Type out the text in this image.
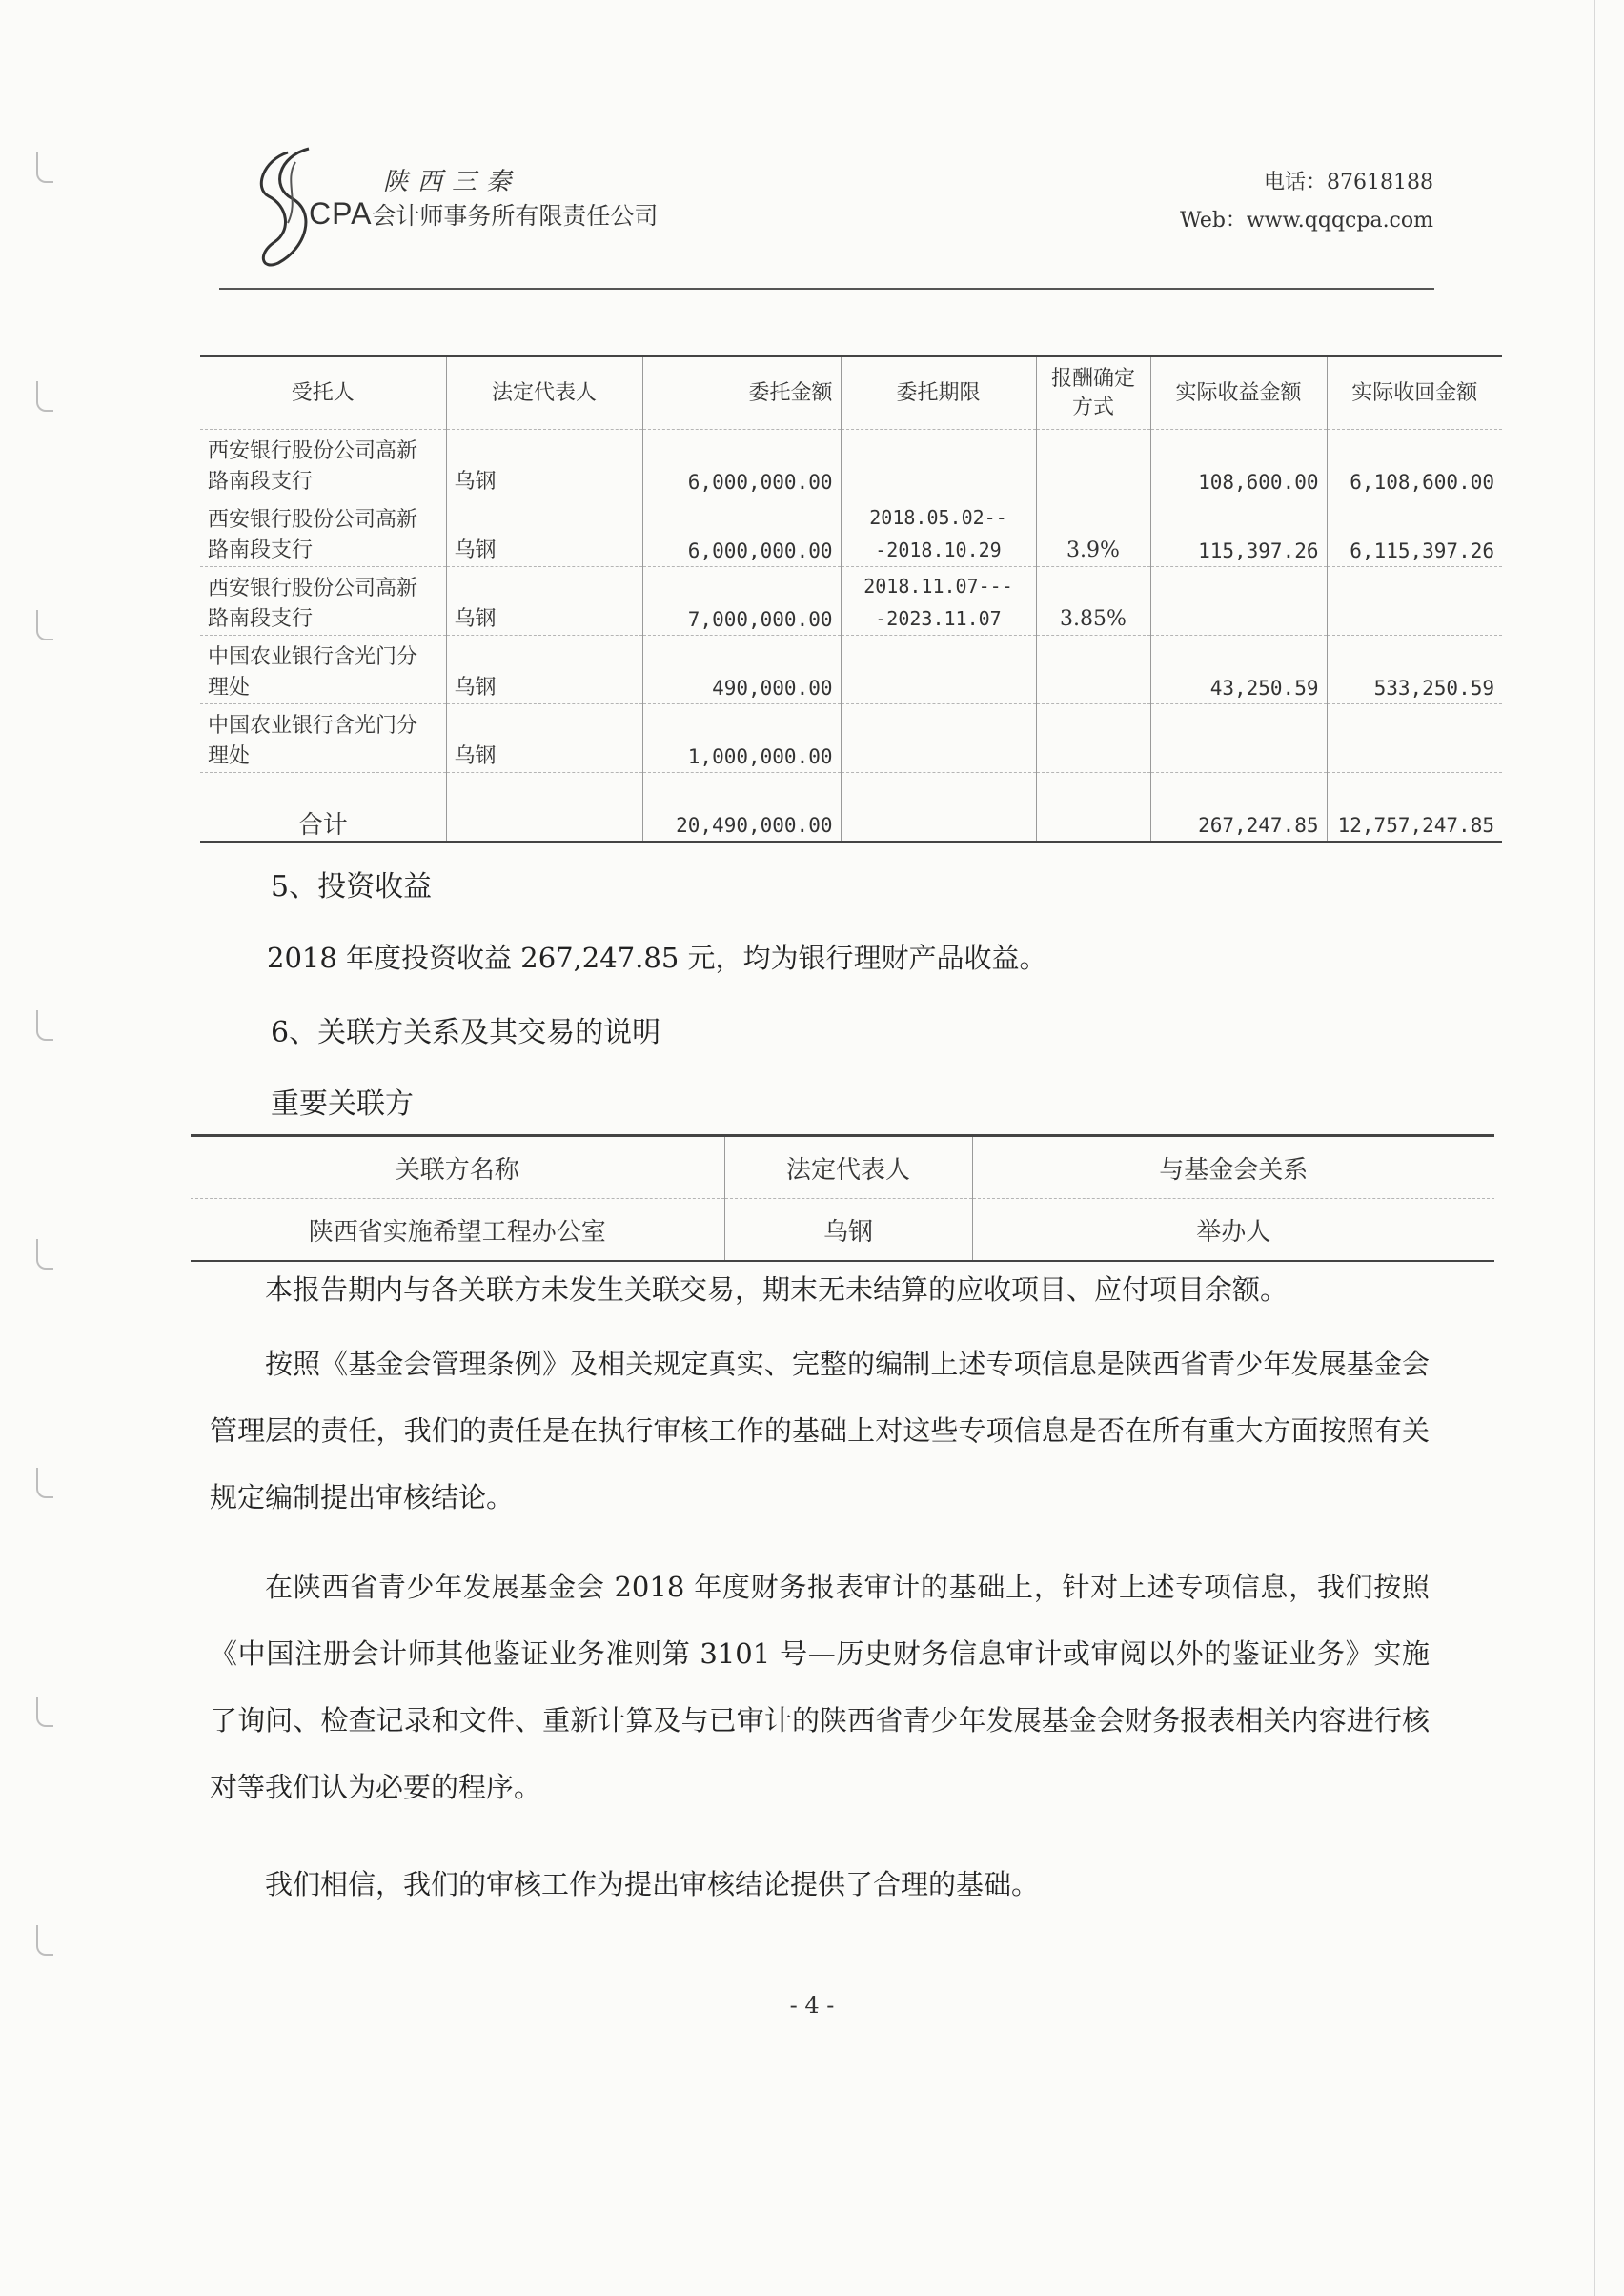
陕西三秦
CPA会计师事务所有限责任公司
电话：87618188
Web：www.qqqcpa.com
受托人	法定代表人	委托金额	委托期限	报酬确定方式	实际收益金额	实际收回金额
西安银行股份公司高新路南段支行	乌钢	6,000,000.00			108,600.00	6,108,600.00
西安银行股份公司高新路南段支行	乌钢	6,000,000.00	2018.05.02---2018.10.29	3.9%	115,397.26	6,115,397.26
西安银行股份公司高新路南段支行	乌钢	7,000,000.00	2018.11.07----2023.11.07	3.85%		
中国农业银行含光门分理处	乌钢	490,000.00			43,250.59	533,250.59
中国农业银行含光门分理处	乌钢	1,000,000.00				
合计		20,490,000.00			267,247.85	12,757,247.85
5、投资收益
2018 年度投资收益 267,247.85 元，均为银行理财产品收益。
6、关联方关系及其交易的说明
重要关联方
关联方名称	法定代表人	与基金会关系
陕西省实施希望工程办公室	乌钢	举办人
本报告期内与各关联方未发生关联交易，期末无未结算的应收项目、应付项目余额。
按照《基金会管理条例》及相关规定真实、完整的编制上述专项信息是陕西省青少年发展基金会管理层的责任，我们的责任是在执行审核工作的基础上对这些专项信息是否在所有重大方面按照有关规定编制提出审核结论。
在陕西省青少年发展基金会 2018 年度财务报表审计的基础上，针对上述专项信息，我们按照《中国注册会计师其他鉴证业务准则第 3101 号—历史财务信息审计或审阅以外的鉴证业务》实施了询问、检查记录和文件、重新计算及与已审计的陕西省青少年发展基金会财务报表相关内容进行核对等我们认为必要的程序。
我们相信，我们的审核工作为提出审核结论提供了合理的基础。
- 4 -
